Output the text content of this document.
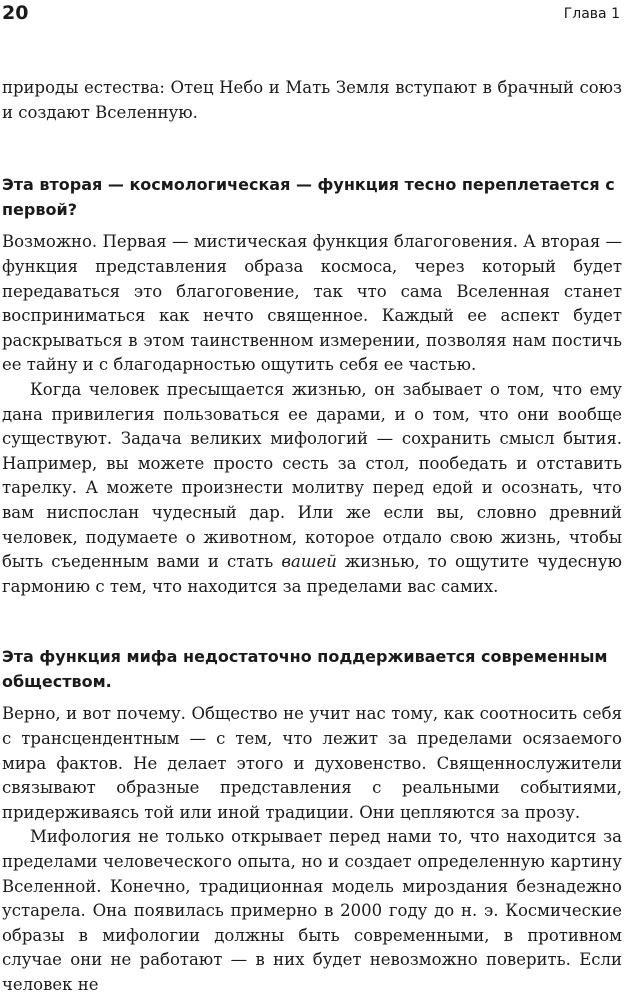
20	Глава 1

природы естества: Отец Небо и Мать Земля вступают в брачный союз и создают Вселенную.

Эта вторая — космологическая — функция тесно переплетается с первой?

Возможно. Первая — мистическая функция благоговения. А вторая — функция представления образа космоса, через который будет передаваться это благоговение, так что сама Вселенная станет восприниматься как нечто священное. Каждый ее аспект будет раскрываться в этом таинственном измерении, позволяя нам постичь ее тайну и с благодарностью ощутить себя ее частью.

Когда человек пресыщается жизнью, он забывает о том, что ему дана привилегия пользоваться ее дарами, и о том, что они вообще существуют. Задача великих мифологий — сохранить смысл бытия. Например, вы можете просто сесть за стол, пообедать и отставить тарелку. А можете произнести молитву перед едой и осознать, что вам ниспослан чудесный дар. Или же если вы, словно древний человек, подумаете о животном, которое отдало свою жизнь, чтобы быть съеденным вами и стать вашей жизнью, то ощутите чудесную гармонию с тем, что находится за пределами вас самих.

Эта функция мифа недостаточно поддерживается современным обществом.

Верно, и вот почему. Общество не учит нас тому, как соотносить себя с трансцендентным — с тем, что лежит за пределами осязаемого мира фактов. Не делает этого и духовенство. Священнослужители связывают образные представления с реальными событиями, придерживаясь той или иной традиции. Они цепляются за прозу.

Мифология не только открывает перед нами то, что находится за пределами человеческого опыта, но и создает определенную картину Вселенной. Конечно, традиционная модель мироздания безнадежно устарела. Она появилась примерно в 2000 году до н. э. Космические образы в мифологии должны быть современными, в противном случае они не работают — в них будет невозможно поверить. Если человек не
